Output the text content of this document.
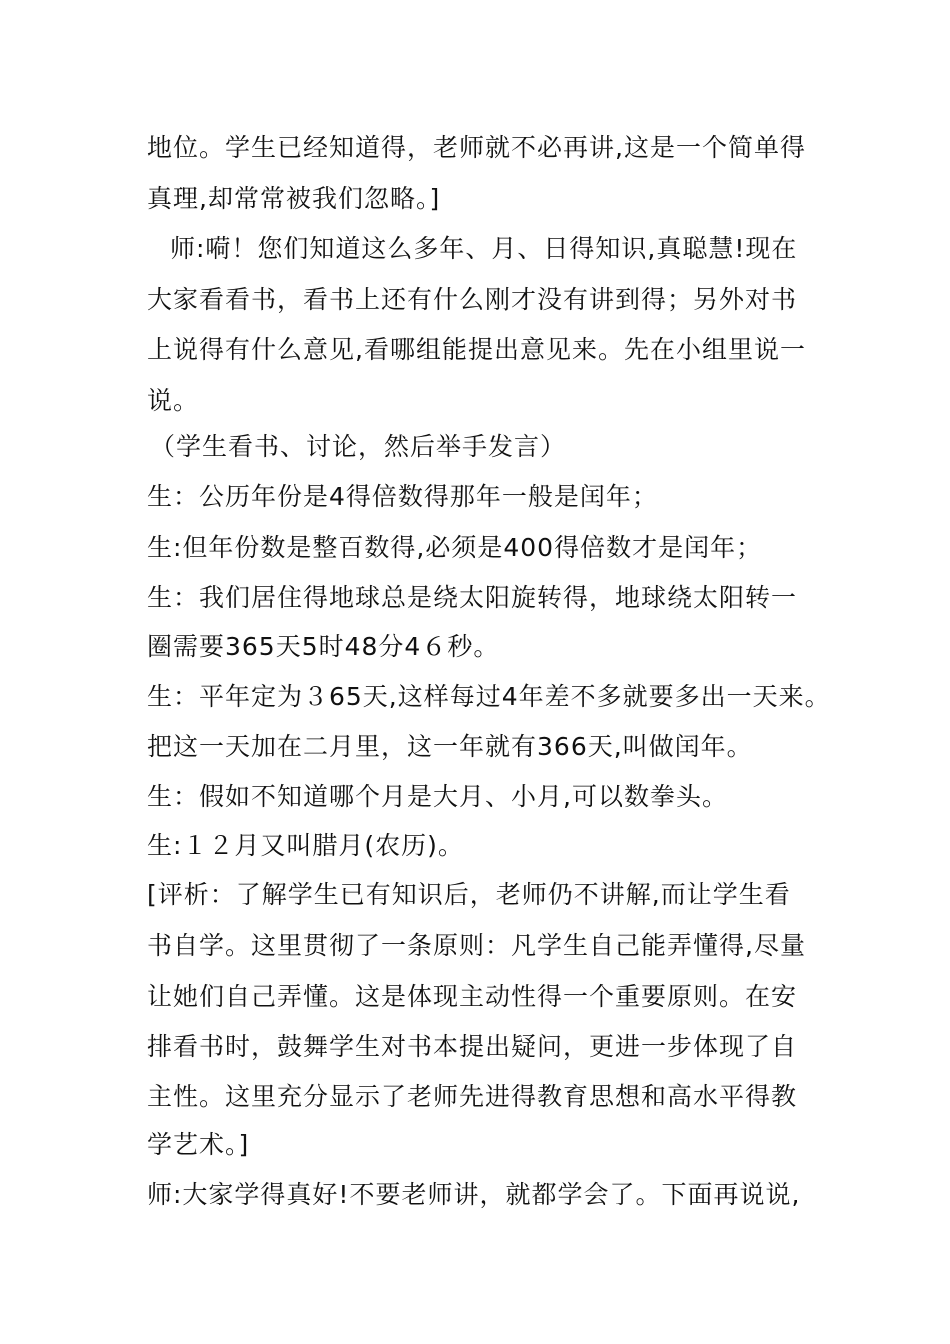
地位。学生已经知道得，老师就不必再讲,这是一个简单得
真理,却常常被我们忽略。]
师:嗬！您们知道这么多年、月、日得知识,真聪慧!现在
大家看看书，看书上还有什么刚才没有讲到得；另外对书
上说得有什么意见,看哪组能提出意见来。先在小组里说一
说。
（学生看书、讨论，然后举手发言）
生：公历年份是4得倍数得那年一般是闰年；
生:但年份数是整百数得,必须是400得倍数才是闰年；
生：我们居住得地球总是绕太阳旋转得，地球绕太阳转一
圈需要365天5时48分4６秒。
生：平年定为３65天,这样每过4年差不多就要多出一天来。
把这一天加在二月里，这一年就有366天,叫做闰年。
生：假如不知道哪个月是大月、小月,可以数拳头。
生:１２月又叫腊月(农历)。
[评析：了解学生已有知识后，老师仍不讲解,而让学生看
书自学。这里贯彻了一条原则：凡学生自己能弄懂得,尽量
让她们自己弄懂。这是体现主动性得一个重要原则。在安
排看书时，鼓舞学生对书本提出疑问，更进一步体现了自
主性。这里充分显示了老师先进得教育思想和高水平得教
学艺术。]
师:大家学得真好!不要老师讲，就都学会了。下面再说说,
